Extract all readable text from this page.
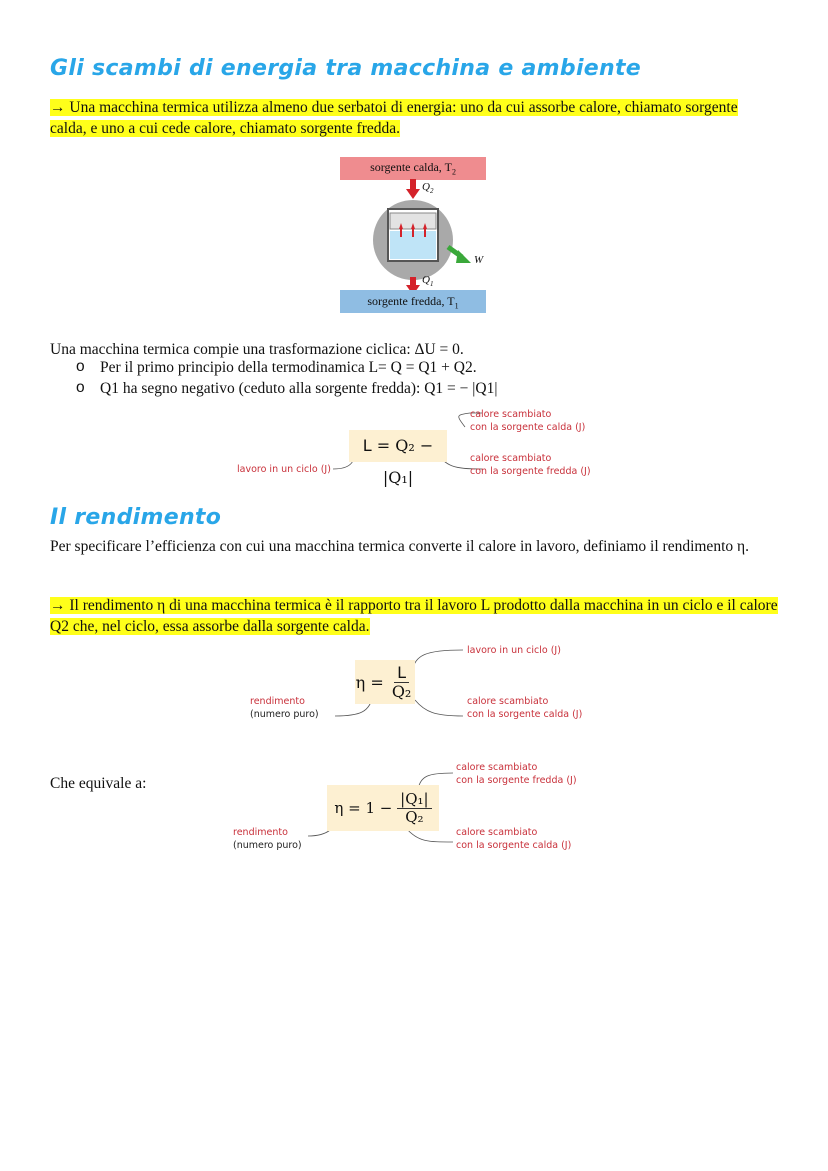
Gli scambi di energia tra macchina e ambiente
→ Una macchina termica utilizza almeno due serbatoi di energia: uno da cui assorbe calore, chiamato sorgente calda, e uno a cui cede calore, chiamato sorgente fredda.
sorgente calda, $T_2$
$Q_2$
W
$Q_1$
sorgente fredda, $T_1$
Una macchina termica compie una trasformazione ciclica: ΔU = 0.
o Per il primo principio della termodinamica L= Q = Q1 + Q2.
o Q1 ha segno negativo (ceduto alla sorgente fredda): Q1 = − |Q1|
L = Q₂ − |Q₁|
calore scambiato
con la sorgente calda (J)
lavoro in un ciclo (J)
calore scambiato
con la sorgente fredda (J)
Il rendimento
Per specificare l’efficienza con cui una macchina termica converte il calore in lavoro, definiamo il rendimento η.
→ Il rendimento η di una macchina termica è il rapporto tra il lavoro L prodotto dalla macchina in un ciclo e il calore Q2 che, nel ciclo, essa assorbe dalla sorgente calda.
η =
$\frac{L}{\text{Q₂}}$
lavoro in un ciclo (J)
rendimento
(numero puro)
calore scambiato
con la sorgente calda (J)
Che equivale a:
η = 1 −
$\frac{\text{|Q₁|}}{\text{Q₂}}$
calore scambiato
con la sorgente fredda (J)
rendimento
(numero puro)
calore scambiato
con la sorgente calda (J)
